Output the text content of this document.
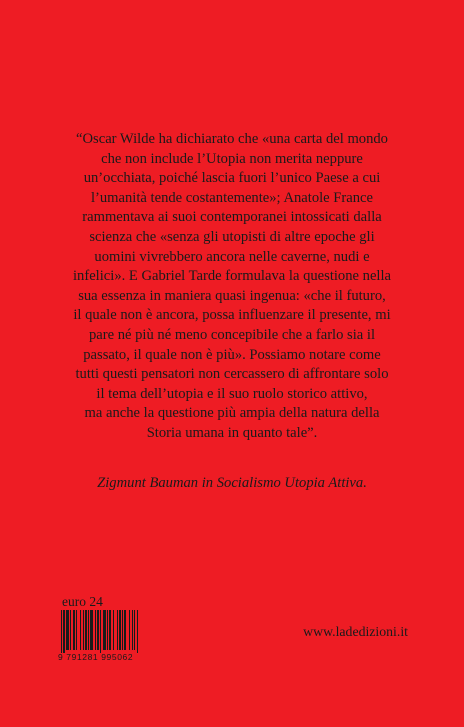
“Oscar Wilde ha dichiarato che «una carta del mondo
che non include l’Utopia non merita neppure
un’occhiata, poiché lascia fuori l’unico Paese a cui
l’umanità tende costantemente»; Anatole France
rammentava ai suoi contemporanei intossicati dalla
scienza che «senza gli utopisti di altre epoche gli
uomini vivrebbero ancora nelle caverne, nudi e
infelici». E Gabriel Tarde formulava la questione nella
sua essenza in maniera quasi ingenua: «che il futuro,
il quale non è ancora, possa influenzare il presente, mi
pare né più né meno concepibile che a farlo sia il
passato, il quale non è più». Possiamo notare come
tutti questi pensatori non cercassero di affrontare solo
il tema dell’utopia e il suo ruolo storico attivo,
ma anche la questione più ampia della natura della
Storia umana in quanto tale”.

Zigmunt Bauman in Socialismo Utopia Attiva.

euro 24
9 791281 995062
www.ladedizioni.it
